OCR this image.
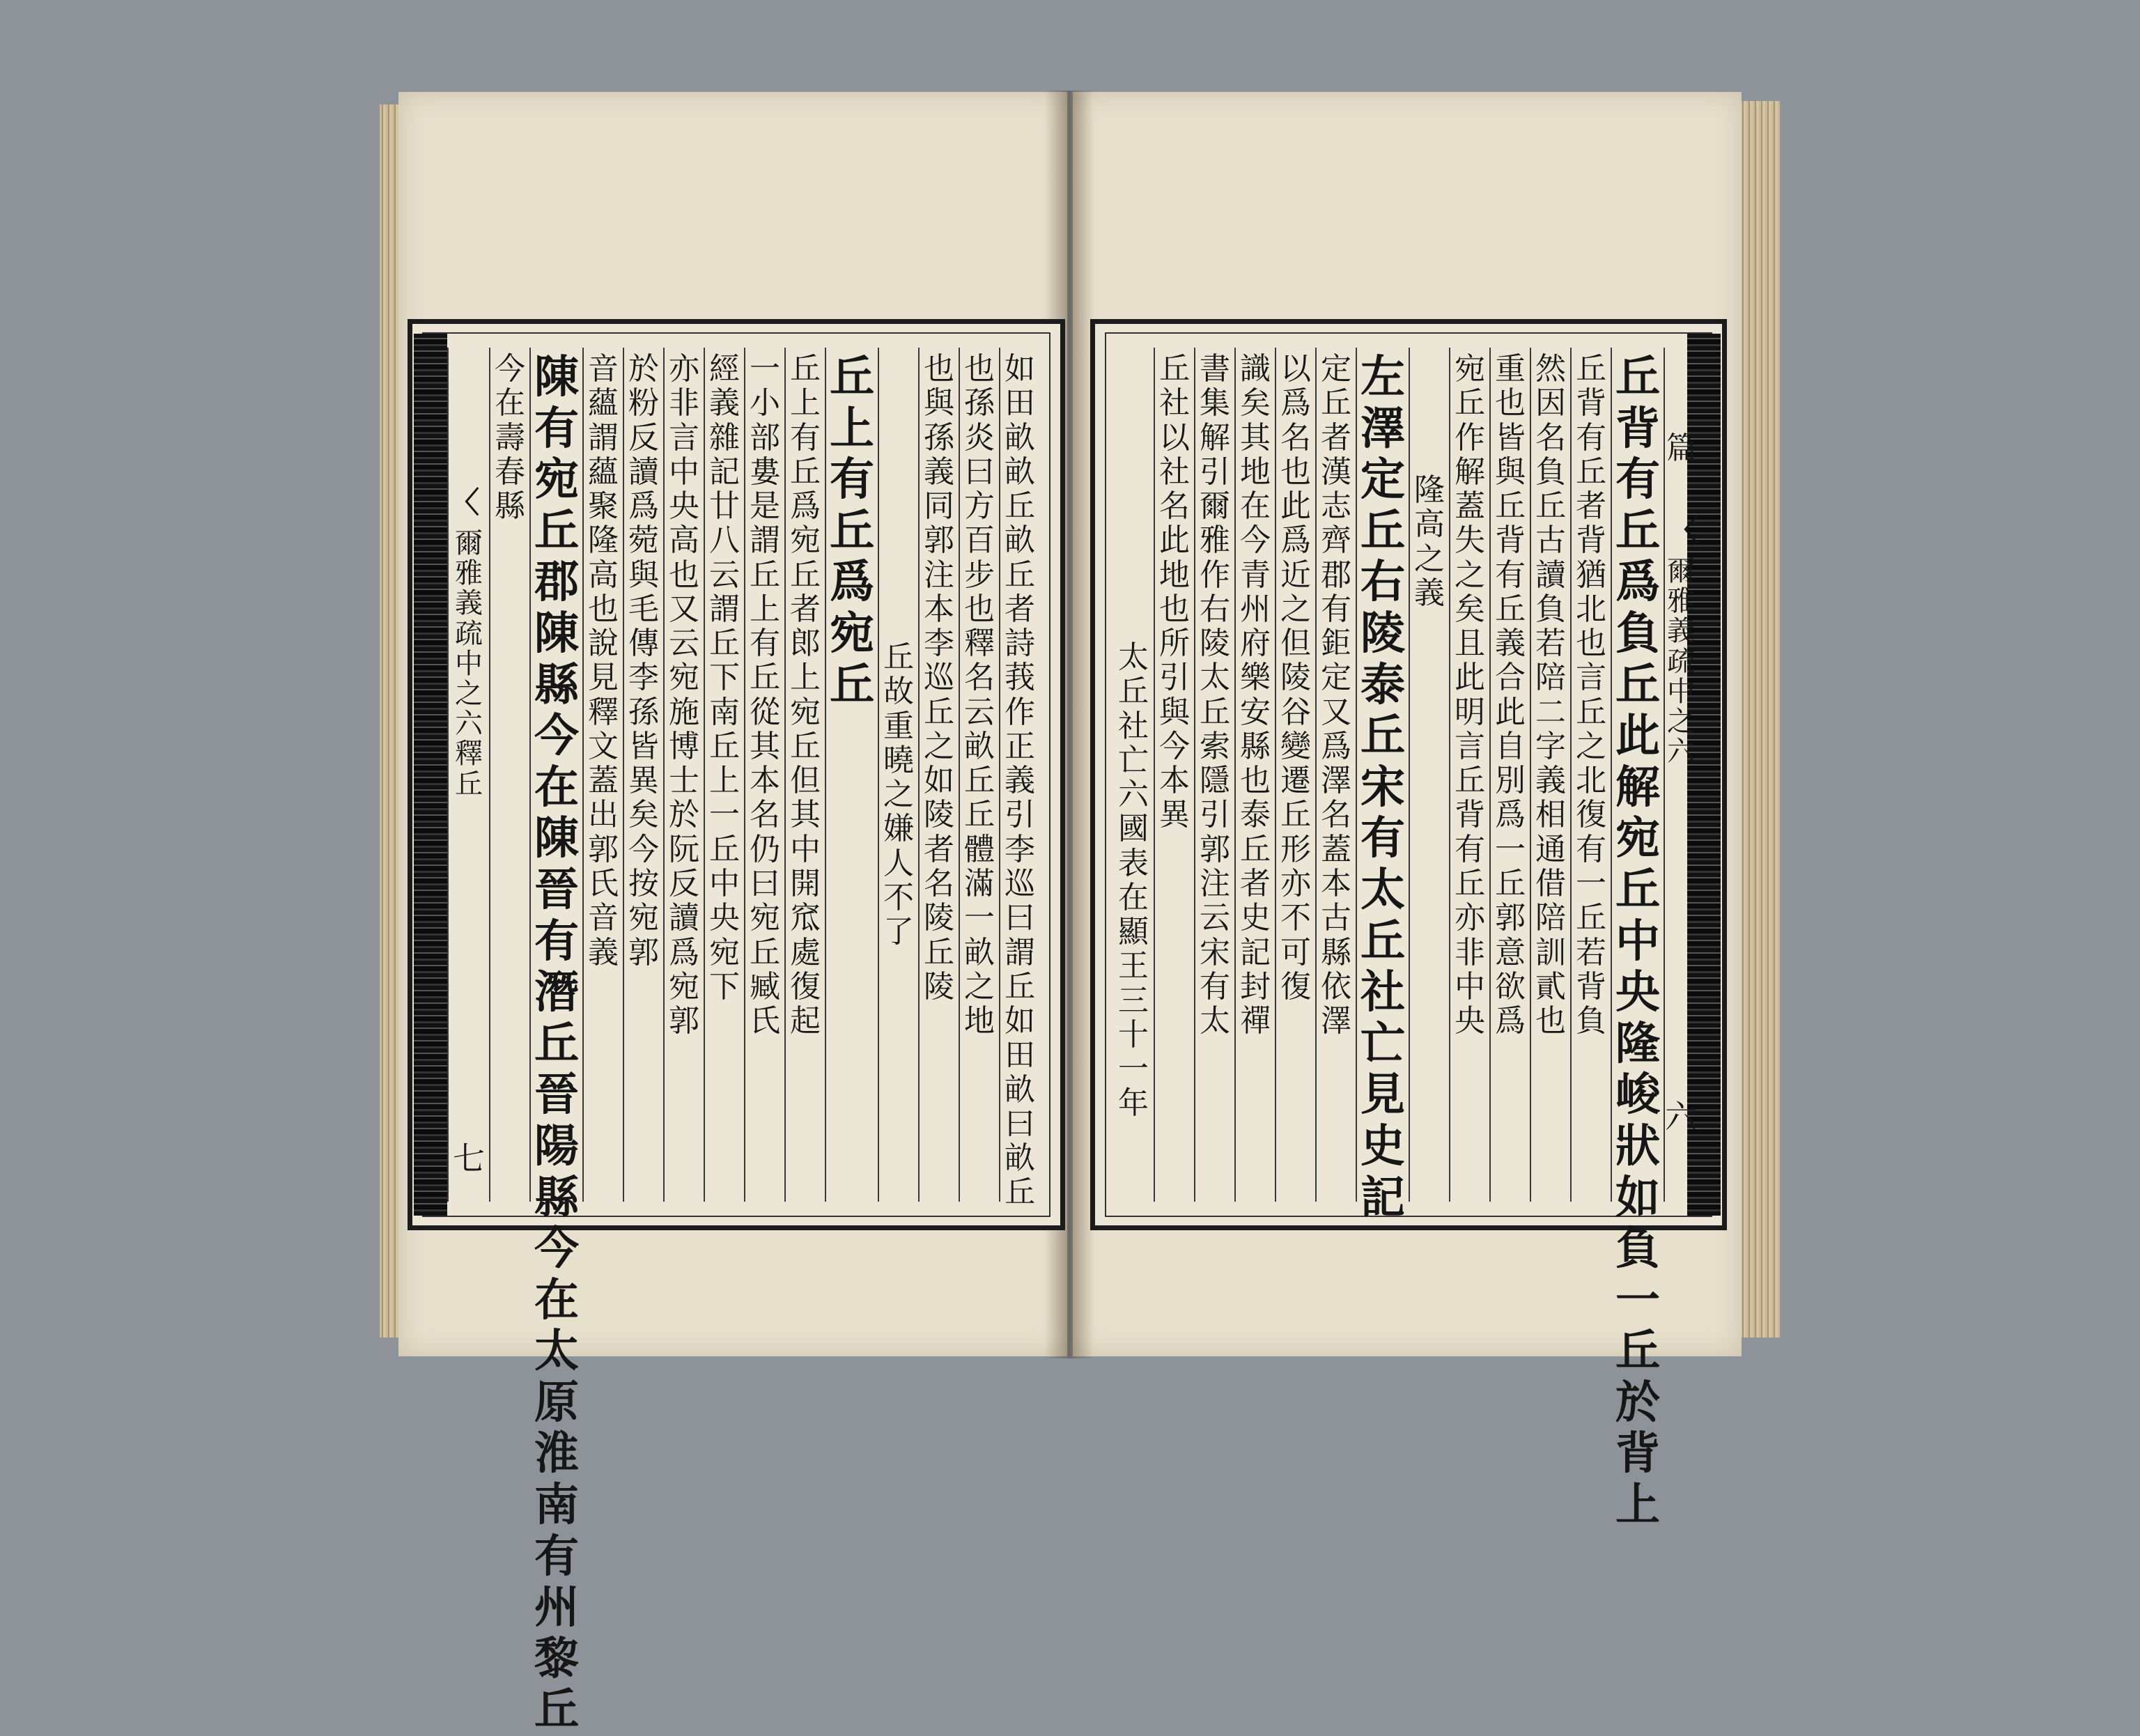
爾雅義疏中之六 釋丘
七
〈
今在壽春縣
陳有宛丘 郡陳縣 今在陳 晉有潛丘 晉陽縣 今在太原 淮南有州黎丘
音蘊謂蘊聚隆高也說見釋文蓋出郭氏音義
於粉反讀爲菀與毛傳李孫皆異矣今按宛郭
亦非言中央高也又云宛施博士於阮反讀爲宛郭
經義雜記廿八云謂丘下南丘上一丘中央宛下
一小部婁是謂丘上有丘從其本名仍曰宛丘臧氏
丘上有丘爲宛丘者郎上宛丘但其中開窊處復起
丘上有丘爲宛丘
丘故重曉之 嫌人不了
也與孫義同郭注本李巡丘之如陵者名陵丘陵
也孫炎曰方百步也釋名云畝丘丘體滿一畝之地
如田畝 畝丘 畝丘者詩莪作正義引李巡曰謂丘如田畝曰畝丘
太丘社亡六國表在顯王三十一年
丘社以社名此地也所引與今本異
書集解引爾雅作右陵太丘索隱引郭注云宋有太
識矣其地在今青州府樂安縣也泰丘者史記封禪
以爲名也此爲近之但陵谷變遷丘形亦不可復
定丘者漢志齊郡有鉅定又爲澤名蓋本古縣依澤
左澤定丘 右陵泰丘 宋有太丘社 亡見史記
隆高之義
宛丘作解蓋失之矣且此明言丘背有丘亦非中央
重也皆與丘背有丘義合此自別爲一丘郭意欲爲
然因名負丘古讀負若陪二字義相通借陪訓貳也
丘背有丘者背猶北也言丘之北復有一丘若背負
丘背有丘爲負丘 此解宛丘中央隆峻狀如負一丘於背上
篇
爾雅義疏中之六
六
〈
